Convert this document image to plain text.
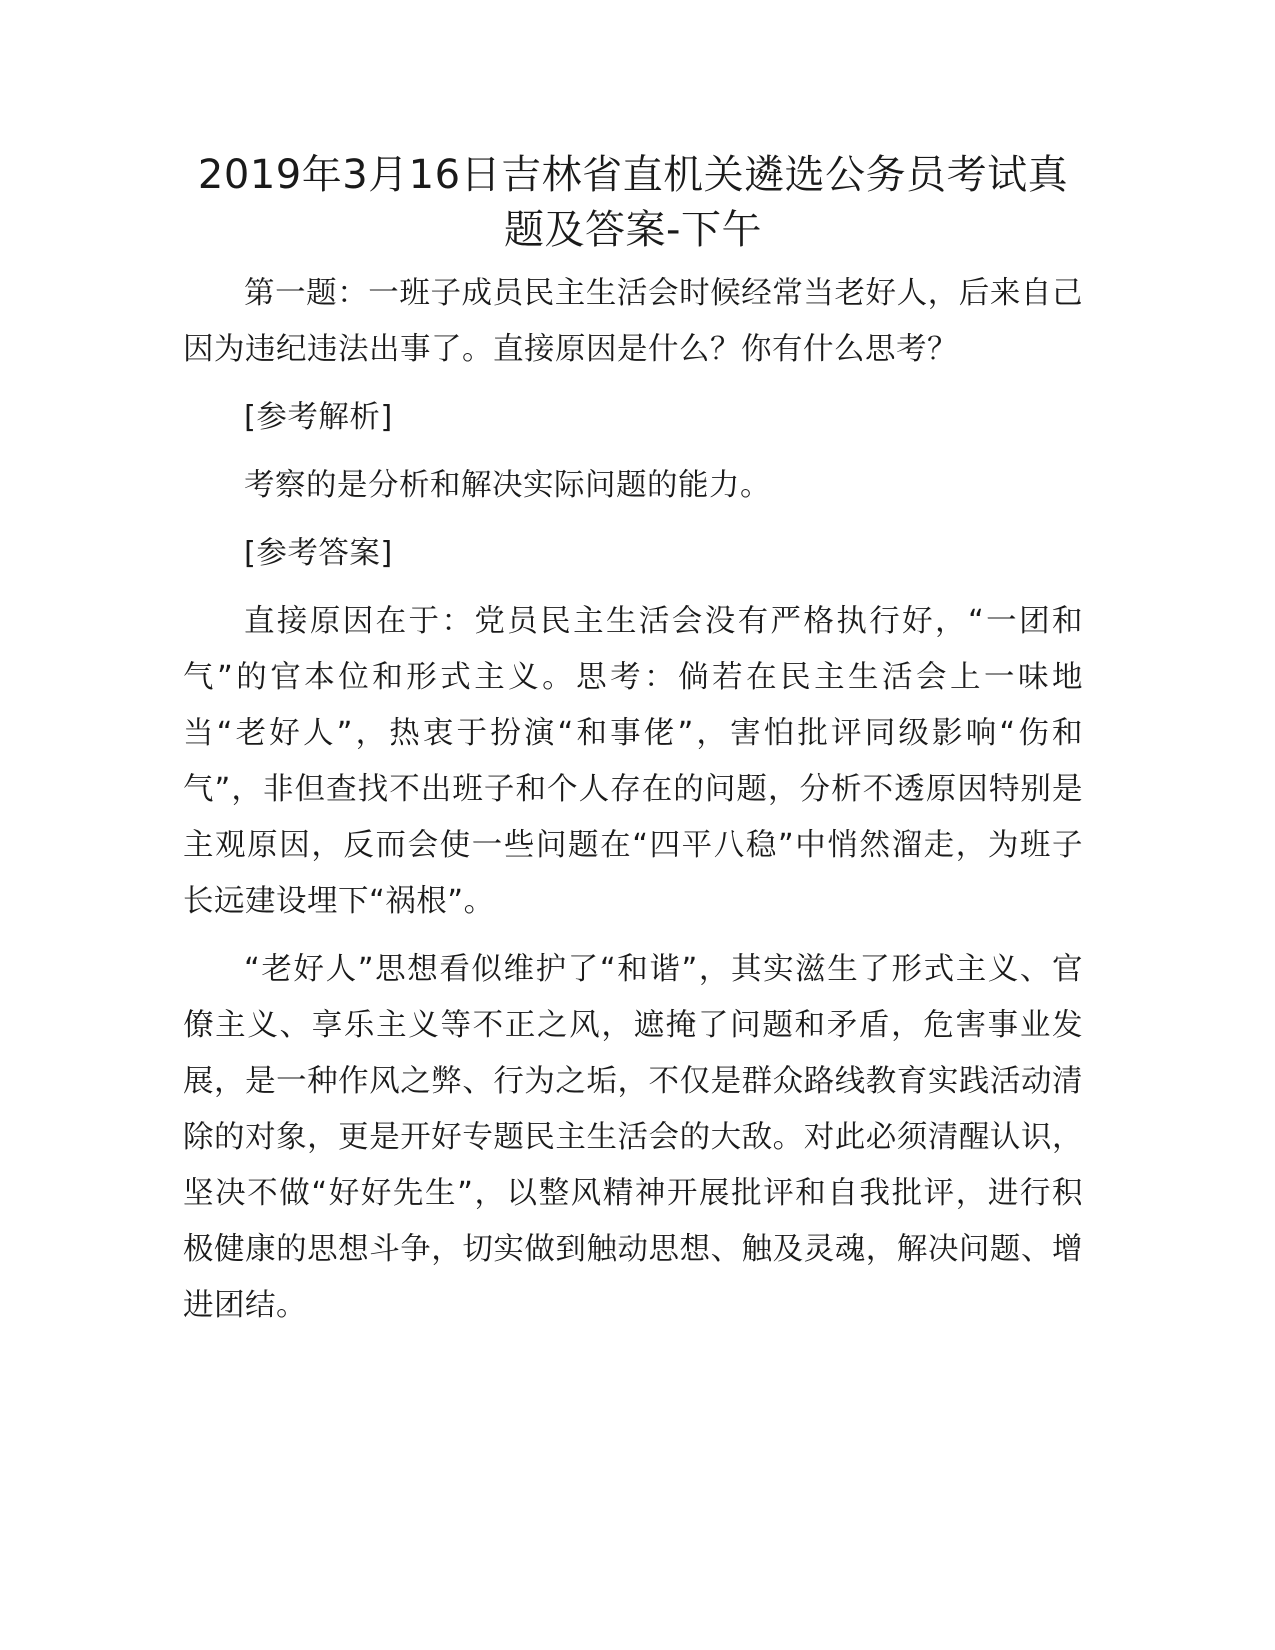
2019年3月16日吉林省直机关遴选公务员考试真题及答案-下午

第一题：一班子成员民主生活会时候经常当老好人，后来自己因为违纪违法出事了。直接原因是什么？你有什么思考？

[参考解析]

考察的是分析和解决实际问题的能力。

[参考答案]

直接原因在于：党员民主生活会没有严格执行好，“一团和气”的官本位和形式主义。思考：倘若在民主生活会上一味地当“老好人”，热衷于扮演“和事佬”，害怕批评同级影响“伤和气”，非但查找不出班子和个人存在的问题，分析不透原因特别是主观原因，反而会使一些问题在“四平八稳”中悄然溜走，为班子长远建设埋下“祸根”。

“老好人”思想看似维护了“和谐”，其实滋生了形式主义、官僚主义、享乐主义等不正之风，遮掩了问题和矛盾，危害事业发展，是一种作风之弊、行为之垢，不仅是群众路线教育实践活动清除的对象，更是开好专题民主生活会的大敌。对此必须清醒认识，坚决不做“好好先生”，以整风精神开展批评和自我批评，进行积极健康的思想斗争，切实做到触动思想、触及灵魂，解决问题、增进团结。
